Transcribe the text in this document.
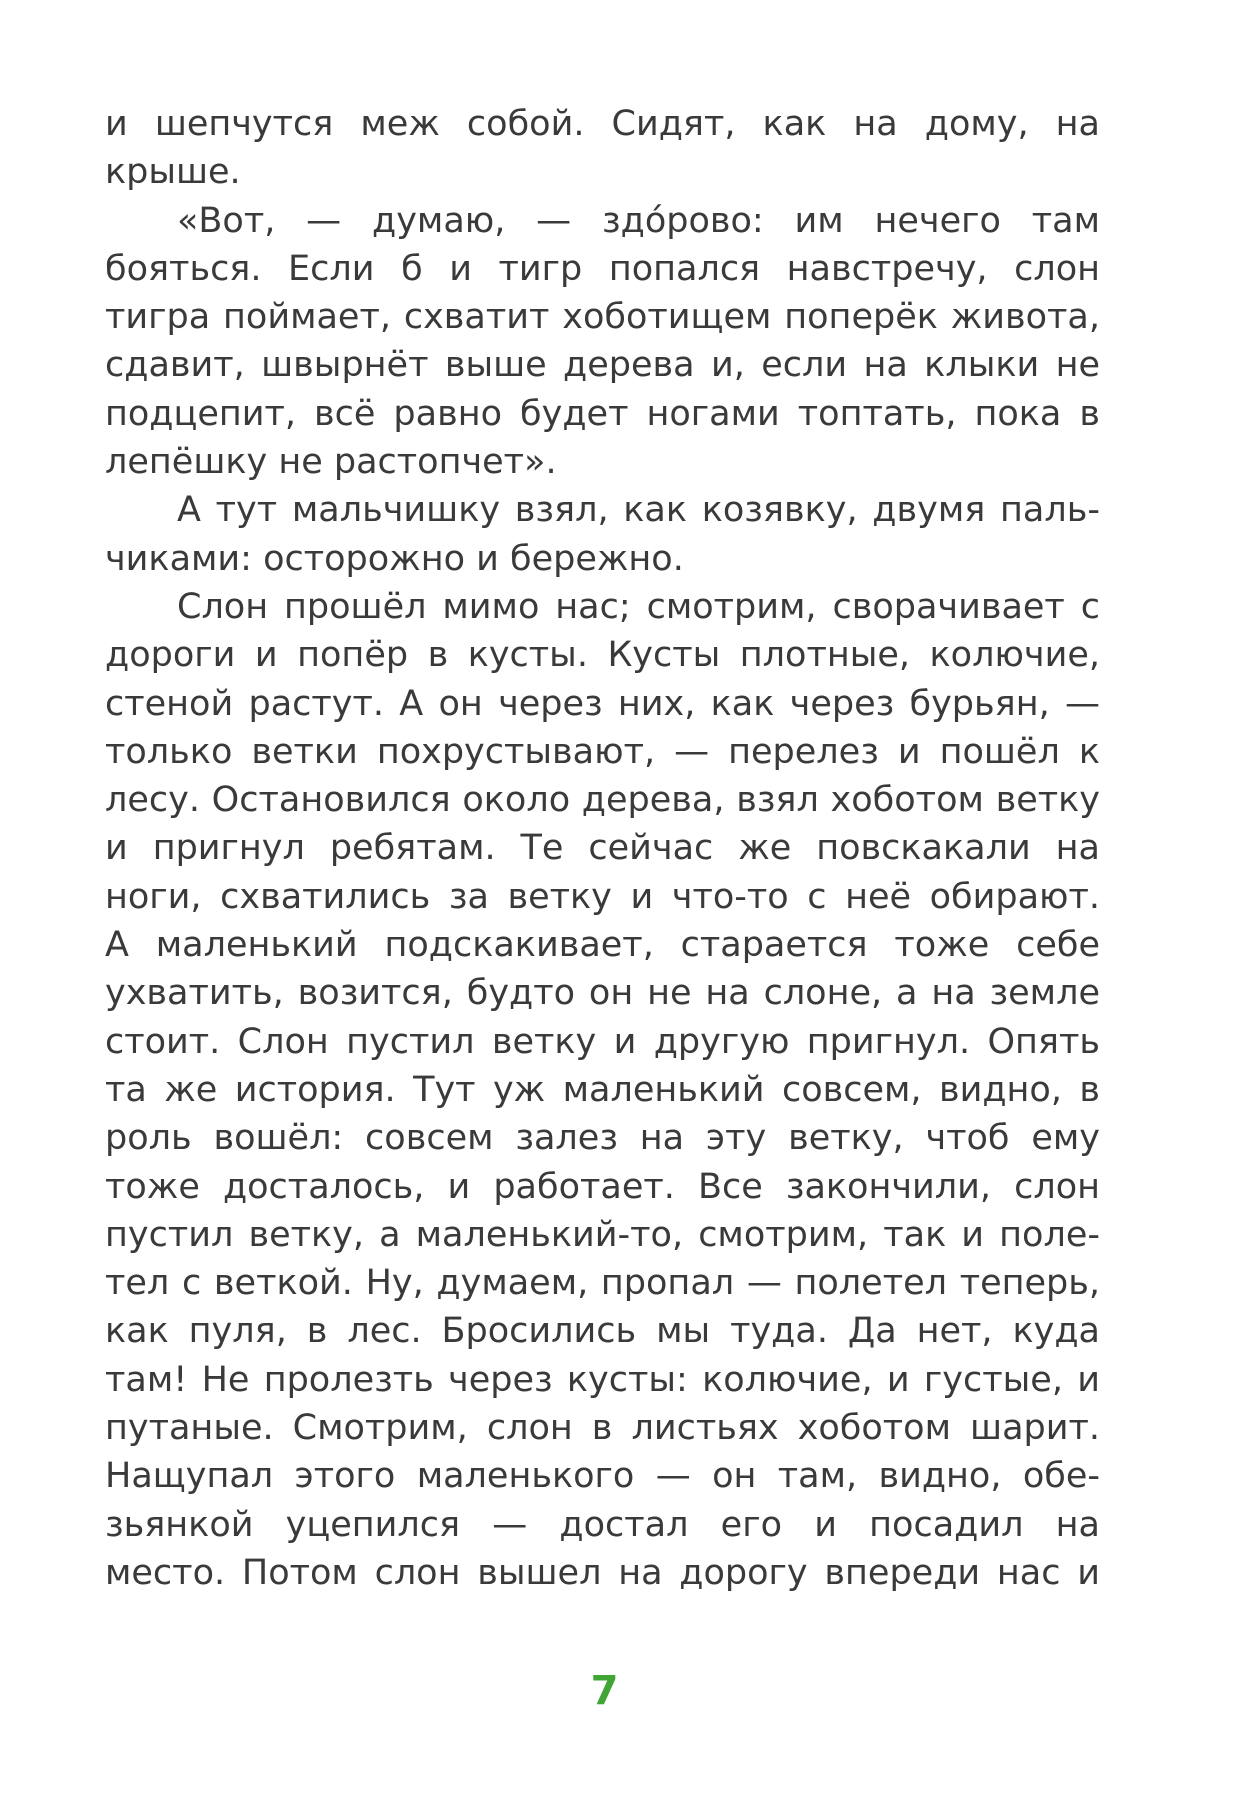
и шепчутся меж собой. Сидят, как на дому, на
крыше.
«Вот, — думаю, — здóрово: им нечего там
бояться. Если б и тигр попался навстречу, слон
тигра поймает, схватит хоботищем поперёк живота,
сдавит, швырнёт выше дерева и, если на клыки не
подцепит, всё равно будет ногами топтать, пока в
лепёшку не растопчет».
А тут мальчишку взял, как козявку, двумя паль-
чиками: осторожно и бережно.
Слон прошёл мимо нас; смотрим, сворачивает с
дороги и попёр в кусты. Кусты плотные, колючие,
стеной растут. А он через них, как через бурьян, —
только ветки похрустывают, — перелез и пошёл к
лесу. Остановился около дерева, взял хоботом ветку
и пригнул ребятам. Те сейчас же повскакали на
ноги, схватились за ветку и что-то с неё обирают.
А маленький подскакивает, старается тоже себе
ухватить, возится, будто он не на слоне, а на земле
стоит. Слон пустил ветку и другую пригнул. Опять
та же история. Тут уж маленький совсем, видно, в
роль вошёл: совсем залез на эту ветку, чтоб ему
тоже досталось, и работает. Все закончили, слон
пустил ветку, а маленький-то, смотрим, так и поле-
тел с веткой. Ну, думаем, пропал — полетел теперь,
как пуля, в лес. Бросились мы туда. Да нет, куда
там! Не пролезть через кусты: колючие, и густые, и
путаные. Смотрим, слон в листьях хоботом шарит.
Нащупал этого маленького — он там, видно, обе-
зьянкой уцепился — достал его и посадил на
место. Потом слон вышел на дорогу впереди нас и
7
